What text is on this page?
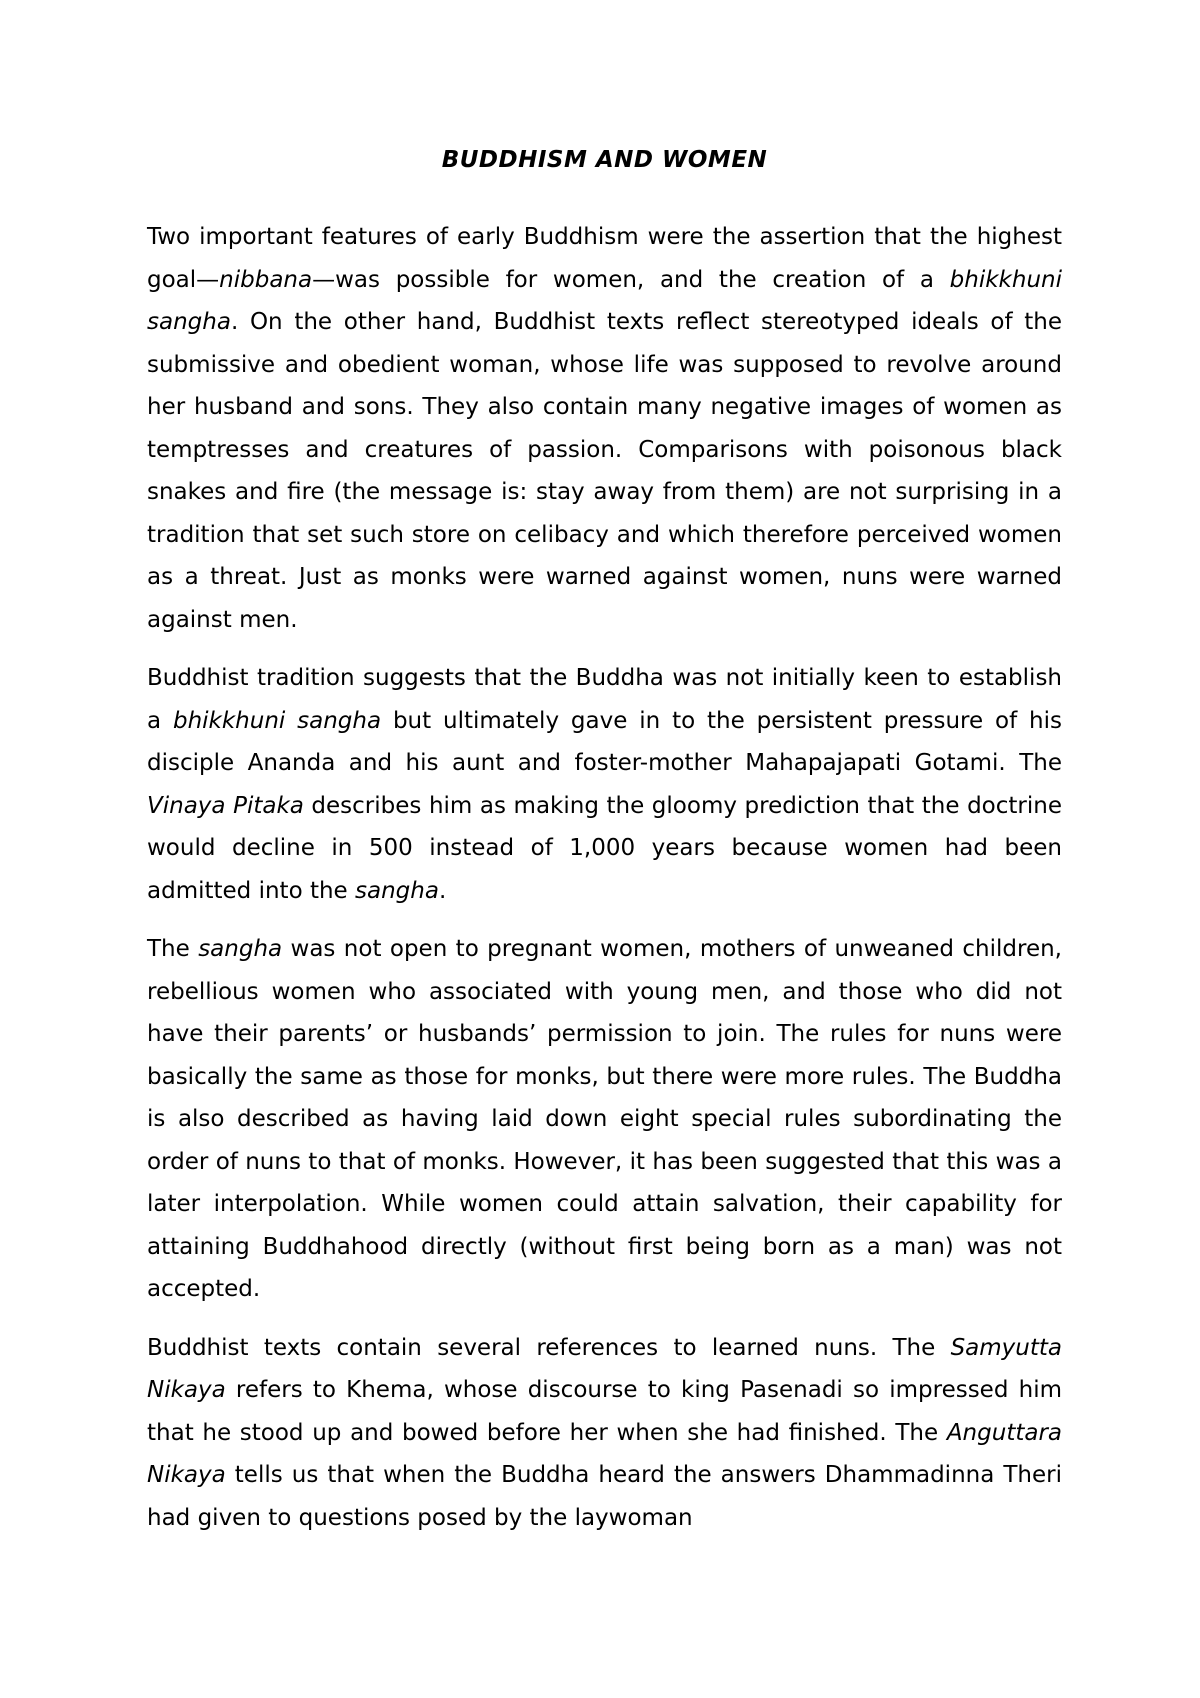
BUDDHISM AND WOMEN

Two important features of early Buddhism were the assertion that the highest goal—nibbana—was possible for women, and the creation of a bhikkhuni sangha. On the other hand, Buddhist texts reflect stereotyped ideals of the submissive and obedient woman, whose life was supposed to revolve around her husband and sons. They also contain many negative images of women as temptresses and creatures of passion. Comparisons with poisonous black snakes and fire (the message is: stay away from them) are not surprising in a tradition that set such store on celibacy and which therefore perceived women as a threat. Just as monks were warned against women, nuns were warned against men.

Buddhist tradition suggests that the Buddha was not initially keen to establish a bhikkhuni sangha but ultimately gave in to the persistent pressure of his disciple Ananda and his aunt and foster-mother Mahapajapati Gotami. The Vinaya Pitaka describes him as making the gloomy prediction that the doctrine would decline in 500 instead of 1,000 years because women had been admitted into the sangha.

The sangha was not open to pregnant women, mothers of unweaned children, rebellious women who associated with young men, and those who did not have their parents’ or husbands’ permission to join. The rules for nuns were basically the same as those for monks, but there were more rules. The Buddha is also described as having laid down eight special rules subordinating the order of nuns to that of monks. However, it has been suggested that this was a later interpolation. While women could attain salvation, their capability for attaining Buddhahood directly (without first being born as a man) was not accepted.

Buddhist texts contain several references to learned nuns. The Samyutta Nikaya refers to Khema, whose discourse to king Pasenadi so impressed him that he stood up and bowed before her when she had finished. The Anguttara Nikaya tells us that when the Buddha heard the answers Dhammadinna Theri had given to questions posed by the laywoman
